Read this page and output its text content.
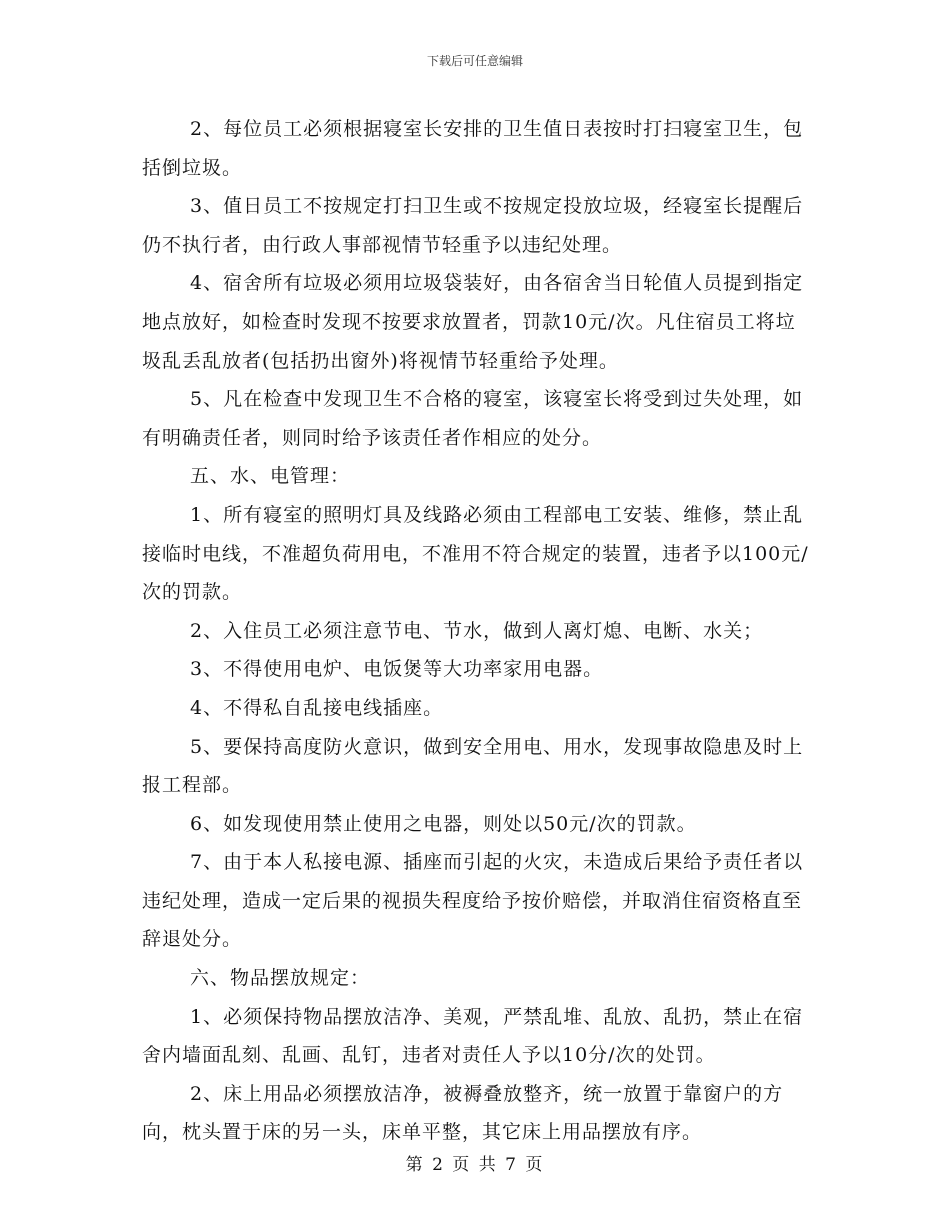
下载后可任意编辑

2、每位员工必须根据寝室长安排的卫生值日表按时打扫寝室卫生，包括倒垃圾。

3、值日员工不按规定打扫卫生或不按规定投放垃圾，经寝室长提醒后仍不执行者，由行政人事部视情节轻重予以违纪处理。

4、宿舍所有垃圾必须用垃圾袋装好，由各宿舍当日轮值人员提到指定地点放好，如检查时发现不按要求放置者，罚款10元/次。凡住宿员工将垃圾乱丢乱放者(包括扔出窗外)将视情节轻重给予处理。

5、凡在检查中发现卫生不合格的寝室，该寝室长将受到过失处理，如有明确责任者，则同时给予该责任者作相应的处分。

五、水、电管理：

1、所有寝室的照明灯具及线路必须由工程部电工安装、维修，禁止乱接临时电线，不准超负荷用电，不准用不符合规定的装置，违者予以100元/次的罚款。

2、入住员工必须注意节电、节水，做到人离灯熄、电断、水关；

3、不得使用电炉、电饭煲等大功率家用电器。

4、不得私自乱接电线插座。

5、要保持高度防火意识，做到安全用电、用水，发现事故隐患及时上报工程部。

6、如发现使用禁止使用之电器，则处以50元/次的罚款。

7、由于本人私接电源、插座而引起的火灾，未造成后果给予责任者以违纪处理，造成一定后果的视损失程度给予按价赔偿，并取消住宿资格直至辞退处分。

六、物品摆放规定：

1、必须保持物品摆放洁净、美观，严禁乱堆、乱放、乱扔，禁止在宿舍内墙面乱刻、乱画、乱钉，违者对责任人予以10分/次的处罚。

2、床上用品必须摆放洁净，被褥叠放整齐，统一放置于靠窗户的方向，枕头置于床的另一头，床单平整，其它床上用品摆放有序。

第 2 页 共 7 页
